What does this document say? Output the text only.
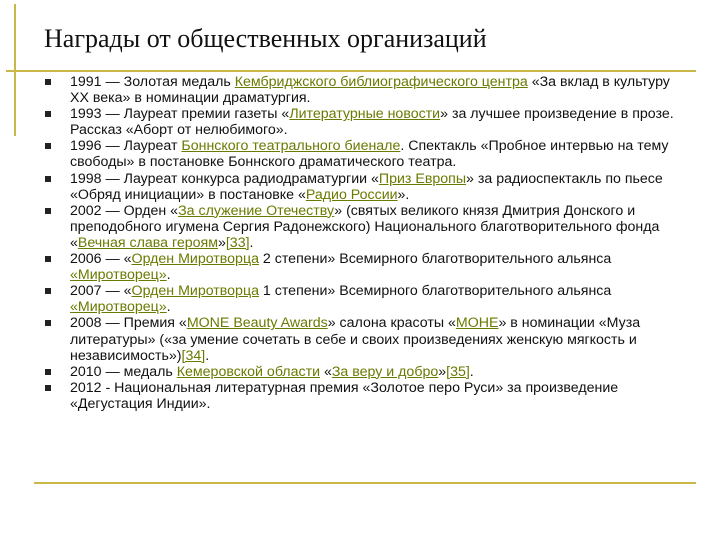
Награды от общественных организаций
1991 — Золотая медаль Кембриджского библиографического центра «За вклад в культуру XX века» в номинации драматургия.
1993 — Лауреат премии газеты «Литературные новости» за лучшее произведение в прозе. Рассказ «Аборт от нелюбимого».
1996 — Лауреат Боннского театрального биенале. Спектакль «Пробное интервью на тему свободы» в постановке Боннского драматического театра.
1998 — Лауреат конкурса радиодраматургии «Приз Европы» за радиоспектакль по пьесе «Обряд инициации» в постановке «Радио России».
2002 — Орден «За служение Отечеству» (святых великого князя Дмитрия Донского и преподобного игумена Сергия Радонежского) Национального благотворительного фонда «Вечная слава героям»[33].
2006 — «Орден Миротворца 2 степени» Всемирного благотворительного альянса «Миротворец».
2007 — «Орден Миротворца 1 степени» Всемирного благотворительного альянса «Миротворец».
2008 — Премия «MONE Beauty Awards» салона красоты «MOHE» в номинации «Муза литературы» («за умение сочетать в себе и своих произведениях женскую мягкость и независимость»)[34].
2010 — медаль Кемеровской области «За веру и добро»[35].
2012 - Национальная литературная премия «Золотое перо Руси» за произведение «Дегустация Индии».
